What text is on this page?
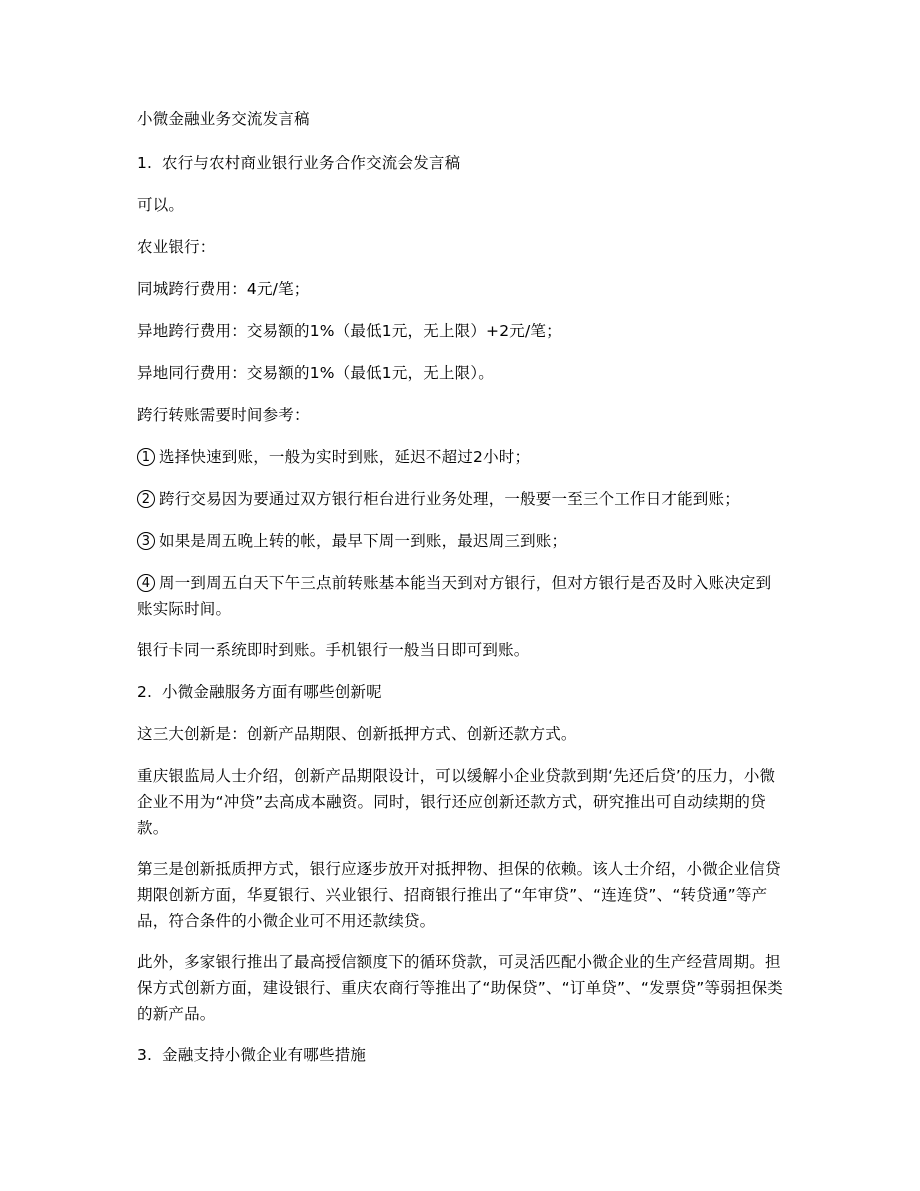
小微金融业务交流发言稿

1. 农行与农村商业银行业务合作交流会发言稿

可以。

农业银行：

同城跨行费用：4元/笔；

异地跨行费用：交易额的1%（最低1元，无上限）+2元/笔；

异地同行费用：交易额的1%（最低1元，无上限）。

跨行转账需要时间参考：

1 选择快速到账，一般为实时到账，延迟不超过2小时；

2 跨行交易因为要通过双方银行柜台进行业务处理，一般要一至三个工作日才能到账；

3 如果是周五晚上转的帐，最早下周一到账，最迟周三到账；

4 周一到周五白天下午三点前转账基本能当天到对方银行，但对方银行是否及时入账决定到账实际时间。

银行卡同一系统即时到账。手机银行一般当日即可到账。

2. 小微金融服务方面有哪些创新呢

这三大创新是：创新产品期限、创新抵押方式、创新还款方式。

重庆银监局人士介绍，创新产品期限设计，可以缓解小企业贷款到期‘先还后贷’的压力，小微企业不用为“冲贷”去高成本融资。同时，银行还应创新还款方式，研究推出可自动续期的贷款。

第三是创新抵质押方式，银行应逐步放开对抵押物、担保的依赖。该人士介绍，小微企业信贷期限创新方面，华夏银行、兴业银行、招商银行推出了“年审贷”、“连连贷”、“转贷通”等产品，符合条件的小微企业可不用还款续贷。

此外，多家银行推出了最高授信额度下的循环贷款，可灵活匹配小微企业的生产经营周期。担保方式创新方面，建设银行、重庆农商行等推出了“助保贷”、“订单贷”、“发票贷”等弱担保类的新产品。

3. 金融支持小微企业有哪些措施
